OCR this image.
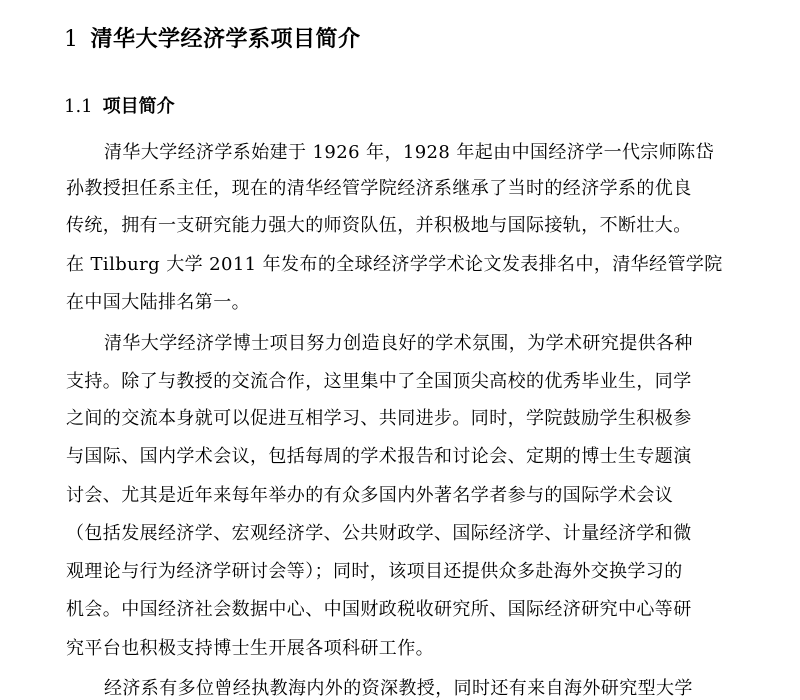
1 清华大学经济学系项目简介
1.1 项目简介
清华大学经济学系始建于 1926 年，1928 年起由中国经济学一代宗师陈岱
孙教授担任系主任，现在的清华经管学院经济系继承了当时的经济学系的优良
传统，拥有一支研究能力强大的师资队伍，并积极地与国际接轨，不断壮大。
在 Tilburg 大学 2011 年发布的全球经济学学术论文发表排名中，清华经管学院
在中国大陆排名第一。
清华大学经济学博士项目努力创造良好的学术氛围，为学术研究提供各种
支持。除了与教授的交流合作，这里集中了全国顶尖高校的优秀毕业生，同学
之间的交流本身就可以促进互相学习、共同进步。同时，学院鼓励学生积极参
与国际、国内学术会议，包括每周的学术报告和讨论会、定期的博士生专题演
讨会、尤其是近年来每年举办的有众多国内外著名学者参与的国际学术会议
（包括发展经济学、宏观经济学、公共财政学、国际经济学、计量经济学和微
观理论与行为经济学研讨会等）；同时，该项目还提供众多赴海外交换学习的
机会。中国经济社会数据中心、中国财政税收研究所、国际经济研究中心等研
究平台也积极支持博士生开展各项科研工作。
经济系有多位曾经执教海内外的资深教授，同时还有来自海外研究型大学
